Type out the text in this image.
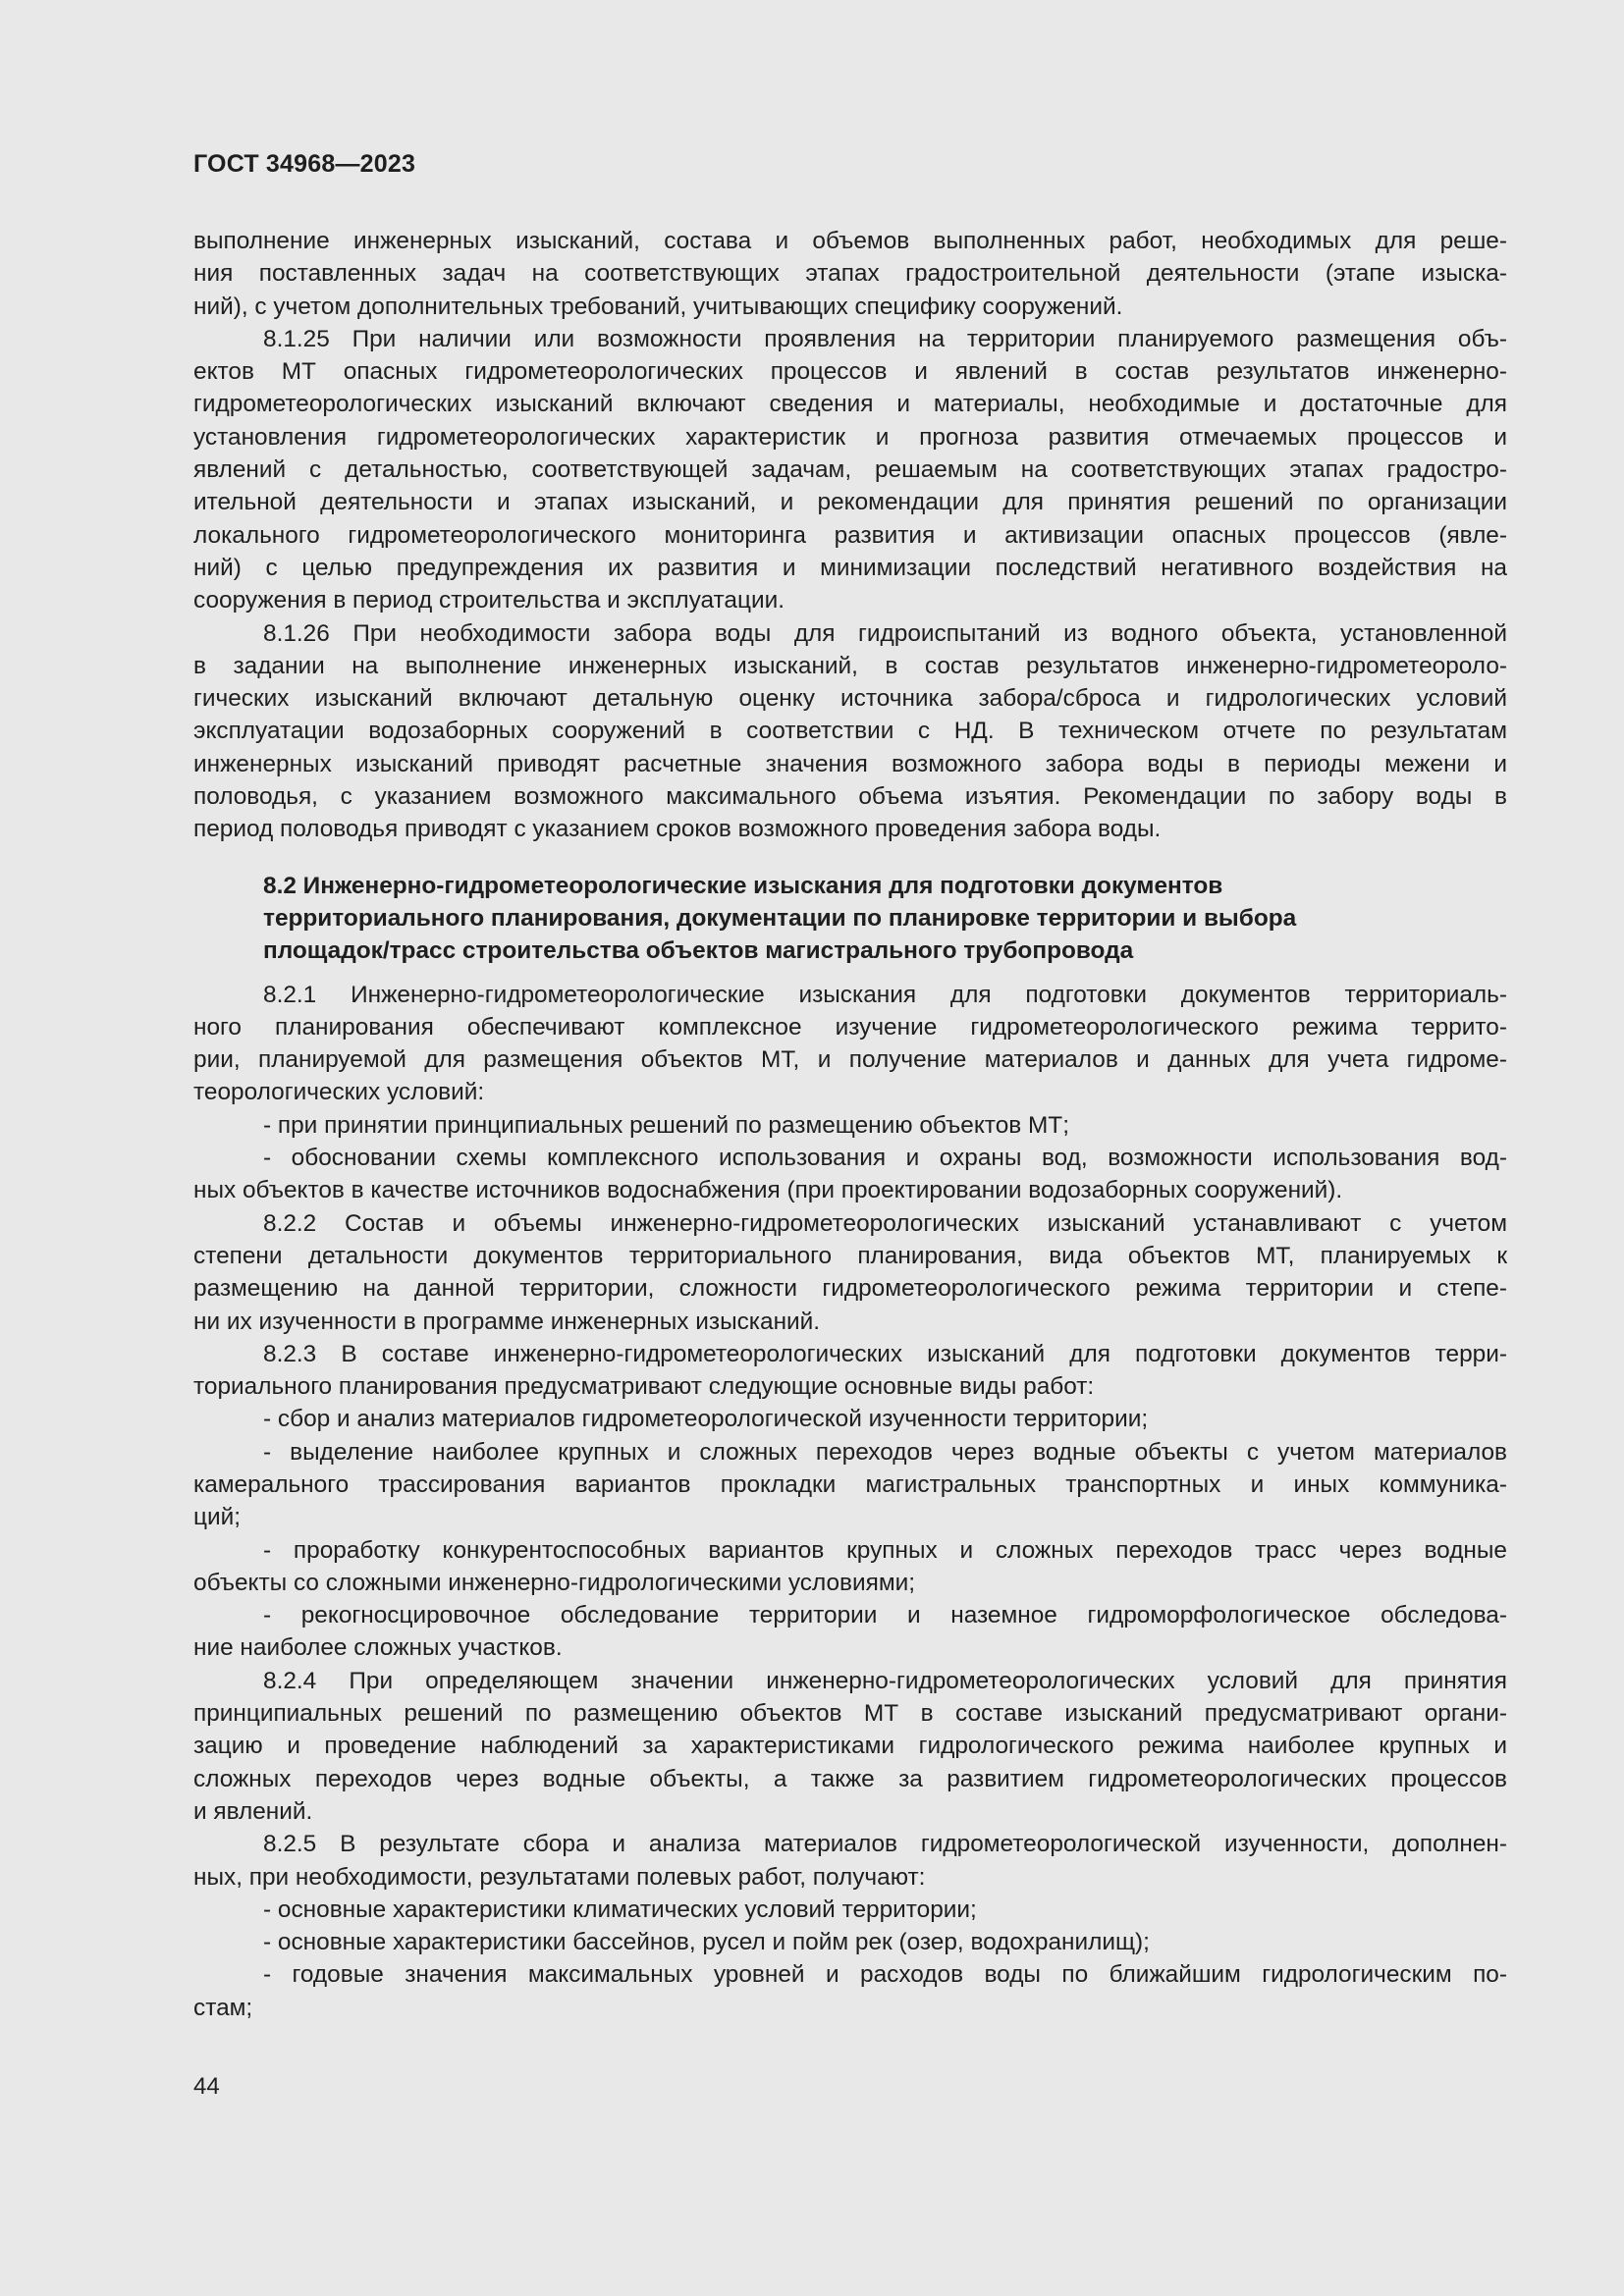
ГОСТ 34968—2023
выполнение инженерных изысканий, состава и объемов выполненных работ, необходимых для реше-
ния поставленных задач на соответствующих этапах градостроительной деятельности (этапе изыска-
ний), с учетом дополнительных требований, учитывающих специфику сооружений.
8.1.25 При наличии или возможности проявления на территории планируемого размещения объ-
ектов МТ опасных гидрометеорологических процессов и явлений в состав результатов инженерно-
гидрометеорологических изысканий включают сведения и материалы, необходимые и достаточные для
установления гидрометеорологических характеристик и прогноза развития отмечаемых процессов и
явлений с детальностью, соответствующей задачам, решаемым на соответствующих этапах градостро-
ительной деятельности и этапах изысканий, и рекомендации для принятия решений по организации
локального гидрометеорологического мониторинга развития и активизации опасных процессов (явле-
ний) с целью предупреждения их развития и минимизации последствий негативного воздействия на
сооружения в период строительства и эксплуатации.
8.1.26 При необходимости забора воды для гидроиспытаний из водного объекта, установленной
в задании на выполнение инженерных изысканий, в состав результатов инженерно-гидрометеороло-
гических изысканий включают детальную оценку источника забора/сброса и гидрологических условий
эксплуатации водозаборных сооружений в соответствии с НД. В техническом отчете по результатам
инженерных изысканий приводят расчетные значения возможного забора воды в периоды межени и
половодья, с указанием возможного максимального объема изъятия. Рекомендации по забору воды в
период половодья приводят с указанием сроков возможного проведения забора воды.
8.2 Инженерно-гидрометеорологические изыскания для подготовки документов
территориального планирования, документации по планировке территории и выбора
площадок/трасс строительства объектов магистрального трубопровода
8.2.1 Инженерно-гидрометеорологические изыскания для подготовки документов территориаль-
ного планирования обеспечивают комплексное изучение гидрометеорологического режима террито-
рии, планируемой для размещения объектов МТ, и получение материалов и данных для учета гидроме-
теорологических условий:
- при принятии принципиальных решений по размещению объектов МТ;
- обосновании схемы комплексного использования и охраны вод, возможности использования вод-
ных объектов в качестве источников водоснабжения (при проектировании водозаборных сооружений).
8.2.2 Состав и объемы инженерно-гидрометеорологических изысканий устанавливают с учетом
степени детальности документов территориального планирования, вида объектов МТ, планируемых к
размещению на данной территории, сложности гидрометеорологического режима территории и степе-
ни их изученности в программе инженерных изысканий.
8.2.3 В составе инженерно-гидрометеорологических изысканий для подготовки документов терри-
ториального планирования предусматривают следующие основные виды работ:
- сбор и анализ материалов гидрометеорологической изученности территории;
- выделение наиболее крупных и сложных переходов через водные объекты с учетом материалов
камерального трассирования вариантов прокладки магистральных транспортных и иных коммуника-
ций;
- проработку конкурентоспособных вариантов крупных и сложных переходов трасс через водные
объекты со сложными инженерно-гидрологическими условиями;
- рекогносцировочное обследование территории и наземное гидроморфологическое обследова-
ние наиболее сложных участков.
8.2.4 При определяющем значении инженерно-гидрометеорологических условий для принятия
принципиальных решений по размещению объектов МТ в составе изысканий предусматривают органи-
зацию и проведение наблюдений за характеристиками гидрологического режима наиболее крупных и
сложных переходов через водные объекты, а также за развитием гидрометеорологических процессов
и явлений.
8.2.5 В результате сбора и анализа материалов гидрометеорологической изученности, дополнен-
ных, при необходимости, результатами полевых работ, получают:
- основные характеристики климатических условий территории;
- основные характеристики бассейнов, русел и пойм рек (озер, водохранилищ);
- годовые значения максимальных уровней и расходов воды по ближайшим гидрологическим по-
стам;
44
